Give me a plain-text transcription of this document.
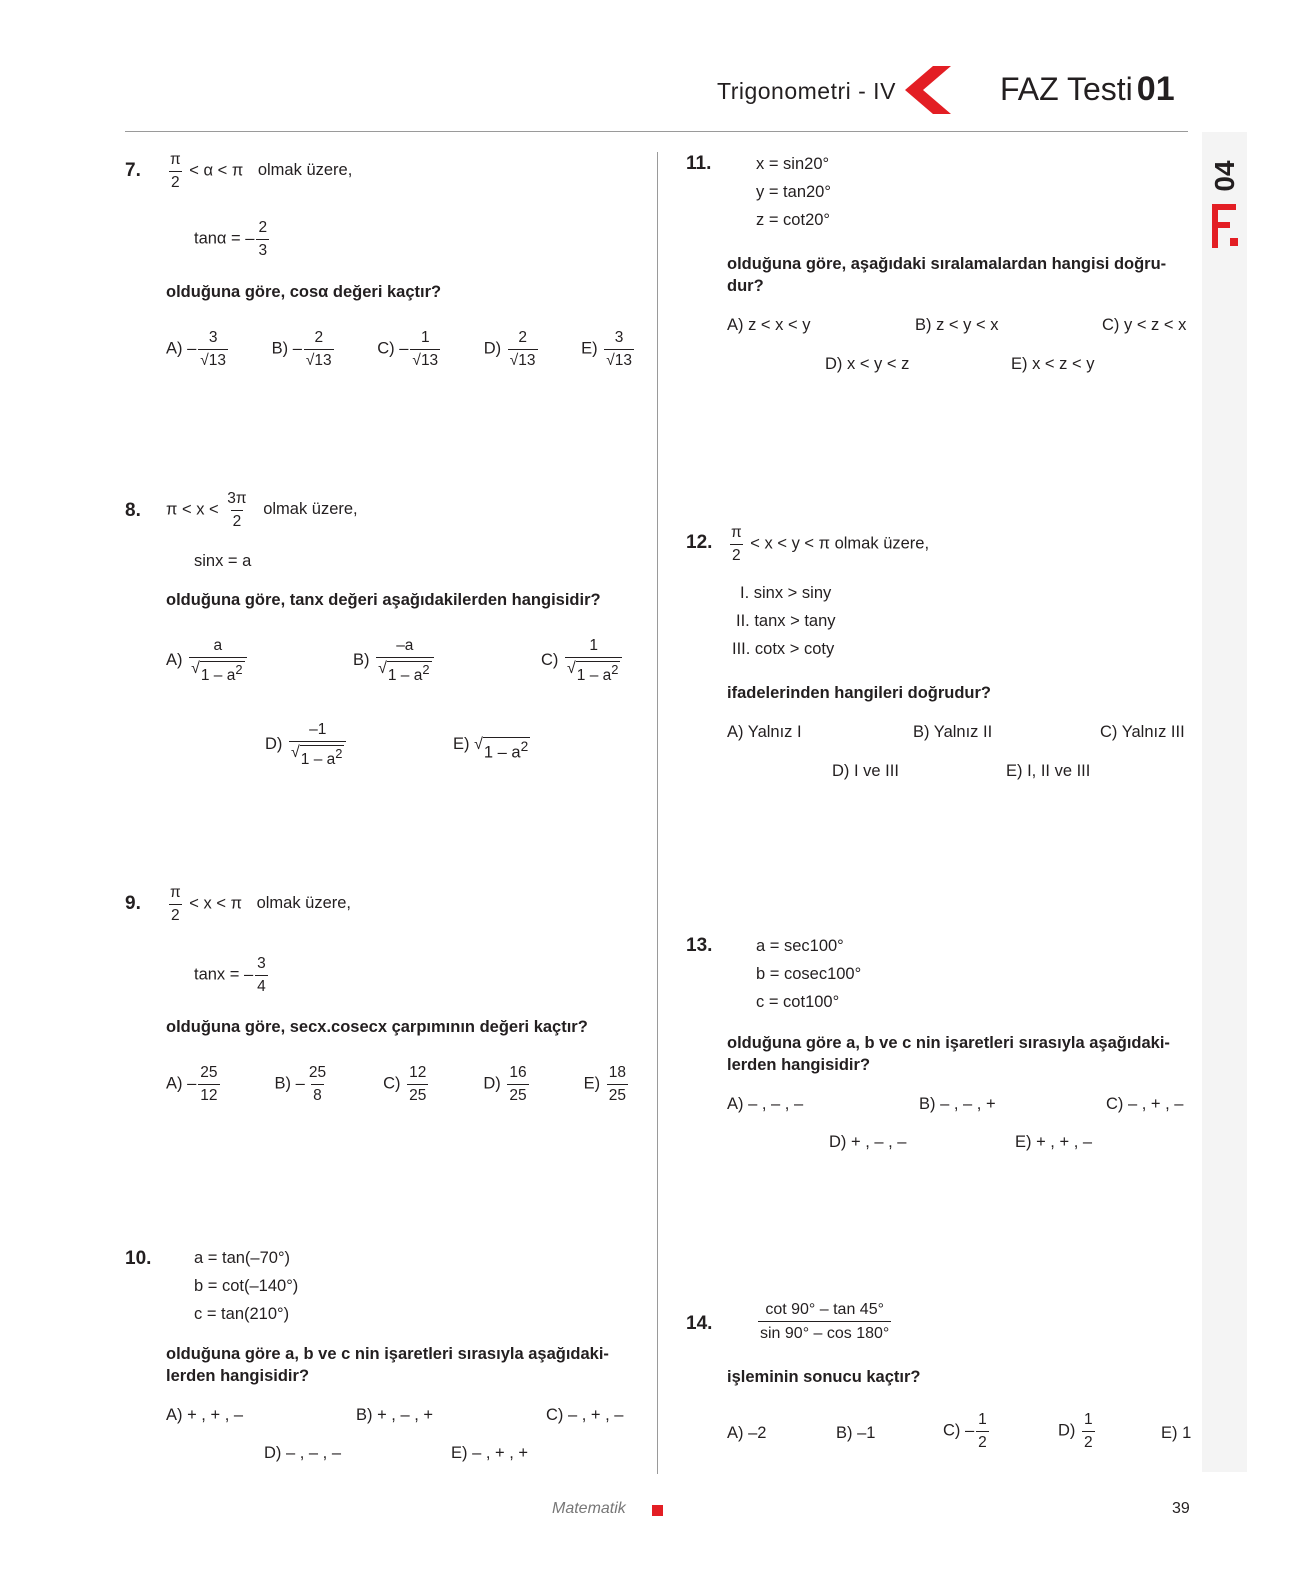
Trigonometri - IV	FAZ Testi 01
04
7. $\frac{\pi}{2} < \alpha < \pi$ olmak üzere,
tanα = – $\frac{2}{3}$
olduğuna göre, cosα değeri kaçtır?
$A) - \frac{3}{√13}$	$B) - \frac{2}{√13}$	$C) - \frac{1}{√13}$	$D) \frac{2}{√13}$	$E) \frac{3}{√13}$
8. $\pi < x < \frac{3\pi}{2}$ olmak üzere,
sinx = a
olduğuna göre, tanx değeri aşağıdakilerden hangisidir?
$A) \frac{a}{√ 1 - a^2}$	$B) \frac{-a}{√ 1 - a^2}$	$C) \frac{1}{√ 1 - a^2}$
$D) \frac{-1}{√ 1 - a^2}$	E) √ $1 - a^2$
9. $\frac{\pi}{2} < x < \pi$ olmak üzere,
tanx = – $\frac{3}{4}$
olduğuna göre, secx.cosecx çarpımının değeri kaçtır?
$A) - \frac{25}{12}$	$B) - \frac{25}{8}$	$C) \frac{12}{25}$	$D) \frac{16}{25}$	$E) \frac{18}{25}$
10.	a = tan(–70°)
b = cot(–140°)
c = tan(210°)
olduğuna göre a, b ve c nin işaretleri sırasıyla aşağıdaki-
lerden hangisidir?
A) + , + , –	B) + , – , +	C) – , + , –
D) – , – , –	E) – , + , +
11.	x = sin20°
y = tan20°
z = cot20°
olduğuna göre, aşağıdaki sıralamalardan hangisi doğru-
dur?
A) z < x < y	B) z < y < x	C) y < z < x
D) x < y < z	E) x < z < y
12. $\frac{\pi}{2} < x < y < \pi$ olmak üzere,
I. sinx > siny
II. tanx > tany
III. cotx > coty
ifadelerinden hangileri doğrudur?
A) Yalnız I	B) Yalnız II	C) Yalnız III
D) I ve III	E) I, II ve III
13.	a = sec100°
b = cosec100°
c = cot100°
olduğuna göre a, b ve c nin işaretleri sırasıyla aşağıdaki-
lerden hangisidir?
A) – , – , –	B) – , – , +	C) – , + , –
D) + , – , –	E) + , + , –
14.	$\frac{\cot 90^\circ - \tan 45^\circ}{\sin 90^\circ - \cos 180^\circ}$
işleminin sonucu kaçtır?
A) –2	B) –1	$C) - \frac{1}{2}$	$D) \frac{1}{2}$	E) 1
Matematik	39
